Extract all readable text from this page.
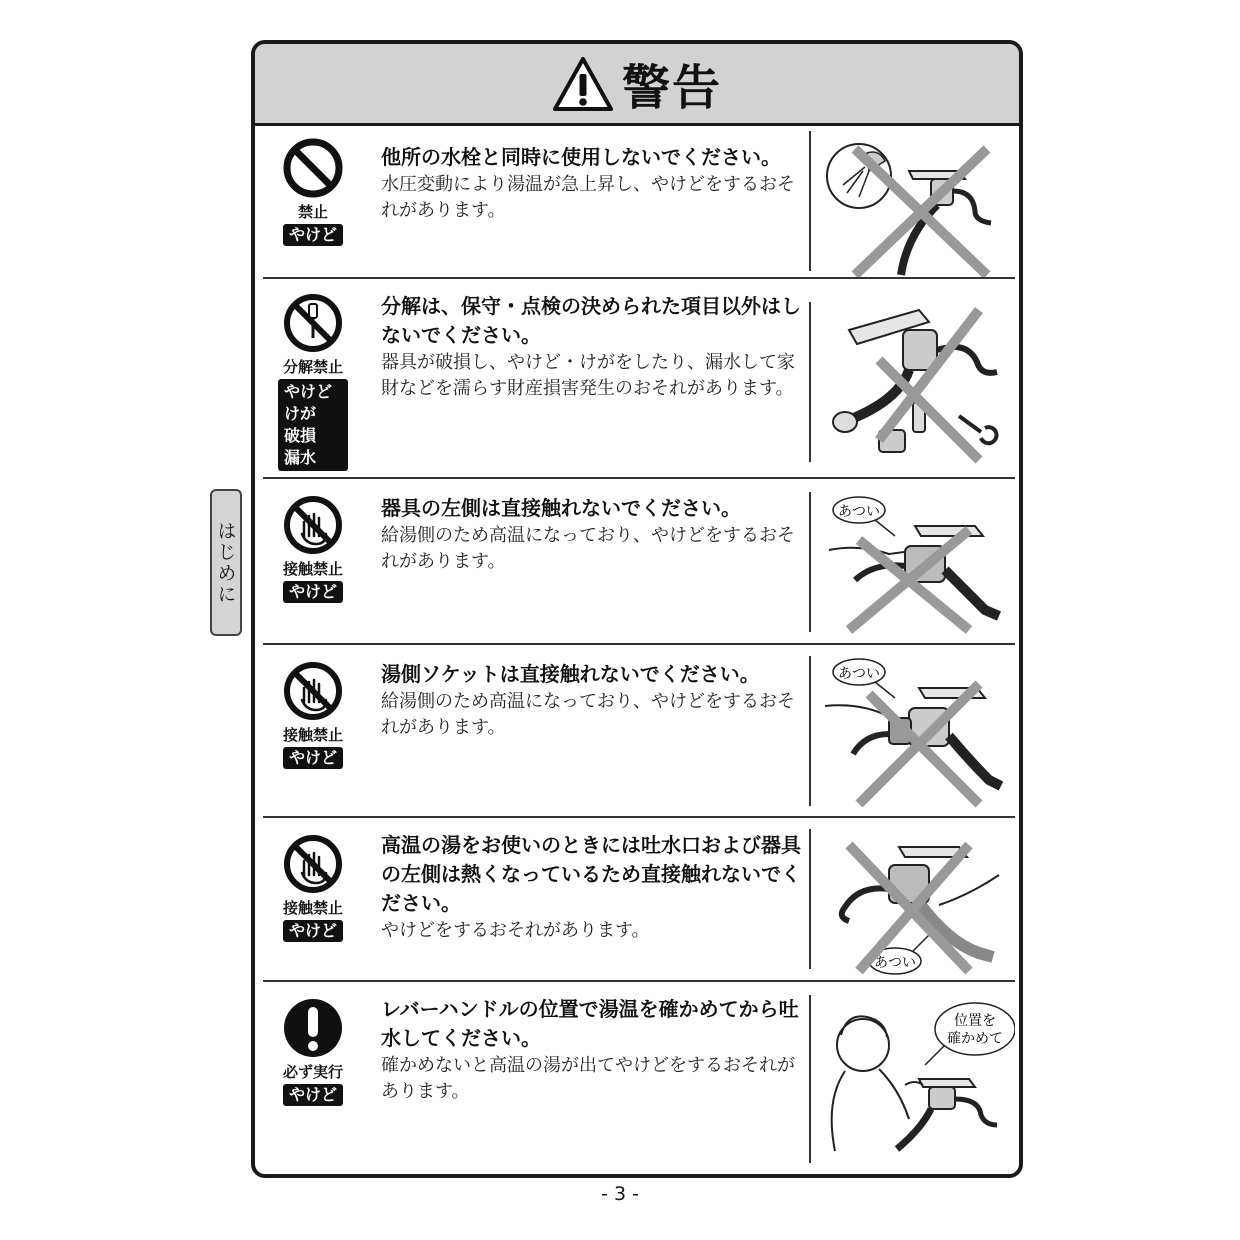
警告
禁止
やけど
他所の水栓と同時に使用しないでください。
水圧変動により湯温が急上昇し、やけどをするおそれがあります。
分解禁止
やけど
けが
破損
漏水
分解は、保守・点検の決められた項目以外はしないでください。
器具が破損し、やけど・けがをしたり、漏水して家財などを濡らす財産損害発生のおそれがあります。
接触禁止
やけど
器具の左側は直接触れないでください。
給湯側のため高温になっており、やけどをするおそれがあります。
あつい
接触禁止
やけど
湯側ソケットは直接触れないでください。
給湯側のため高温になっており、やけどをするおそれがあります。
あつい
接触禁止
やけど
高温の湯をお使いのときには吐水口および器具の左側は熱くなっているため直接触れないでください。
やけどをするおそれがあります。
あつい
必ず実行
やけど
レバーハンドルの位置で湯温を確かめてから吐水してください。
確かめないと高温の湯が出てやけどをするおそれがあります。
位置を
確かめて
はじめに
- 3 -
